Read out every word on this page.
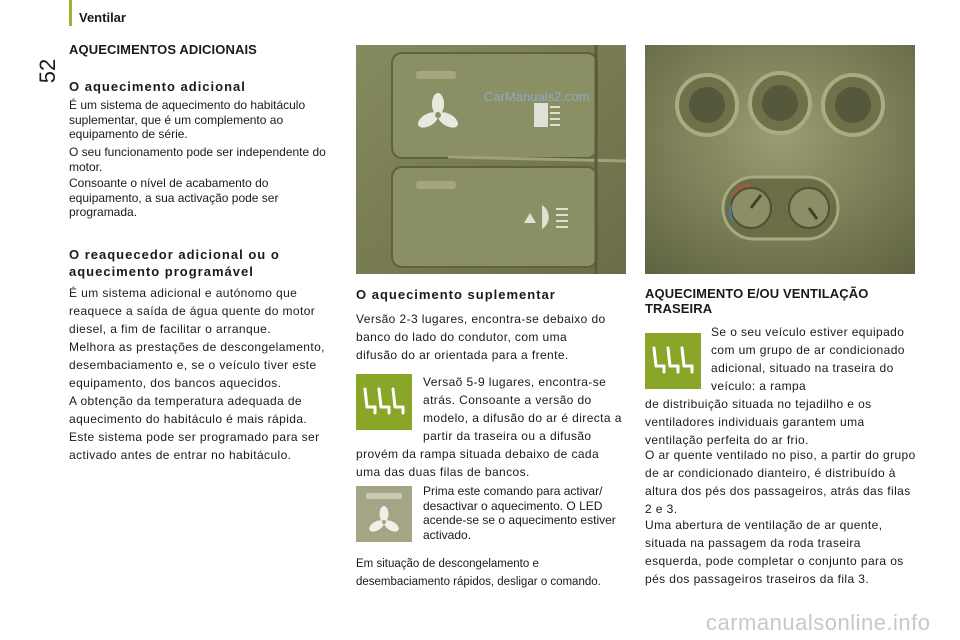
52
Ventilar
AQUECIMENTOS ADICIONAIS
O aquecimento adicional
É um sistema de aquecimento do habitáculo suplementar, que é um complemento ao equipamento de série.
O seu funcionamento pode ser independente do motor.
Consoante o nível de acabamento do equipamento, a sua activação pode ser programada.
O reaquecedor adicional ou o
aquecimento programável
É um sistema adicional e autónomo que reaquece a saída de água quente do motor diesel, a fim de facilitar o arranque.
Melhora as prestações de descongelamento, desembaciamento e, se o veículo tiver este equipamento, dos bancos aquecidos.
A obtenção da temperatura adequada de aquecimento do habitáculo é mais rápida.
Este sistema pode ser programado para ser activado antes de entrar no habitáculo.
CarManuals2.com
O aquecimento suplementar
Versão 2-3 lugares, encontra-se debaixo do banco do lado do condutor, com uma difusão do ar orientada para a frente.
Versaõ 5-9 lugares, encontra-se atrás. Consoante a versão do modelo, a difusão do ar é directa a partir da traseira ou a difusão
provém da rampa situada debaixo de cada uma das duas filas de bancos.
Prima este comando para activar/ desactivar o aquecimento. O LED acende-se se o aquecimento estiver activado.
Em situação de descongelamento e desembaciamento rápidos, desligar o comando.
AQUECIMENTO E/OU VENTILAÇÃO
TRASEIRA
Se o seu veículo estiver equipado com um grupo de ar condicionado adicional, situado na traseira do veículo: a rampa
de distribuição situada no tejadilho e os ventiladores individuais garantem uma ventilação perfeita do ar frio.
O ar quente ventilado no piso, a partir do grupo de ar condicionado dianteiro, é distribuído à altura dos pés dos passageiros, atrás das filas 2 e 3.
Uma abertura de ventilação de ar quente, situada na passagem da roda traseira esquerda, pode completar o conjunto para os pés dos passageiros traseiros da fila 3.
carmanualsonline.info
